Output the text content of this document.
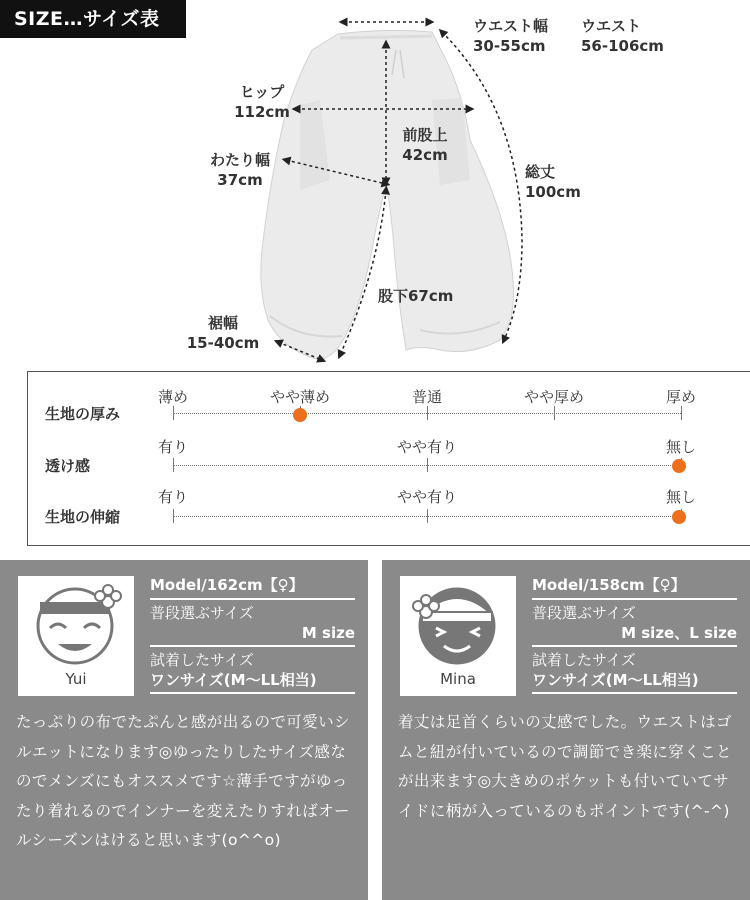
SIZE…サイズ表	ウエスト幅
30-55cm
ウエスト
56-106cm
ヒップ
112cm
わたり幅
37cm
前股上
42cm
総丈
100cm
股下67cm
裾幅
15-40cm
生地の厚み
薄め	やや薄め	普通	やや厚め	厚め
透け感
有り	やや有り	無し
生地の伸縮
有り	やや有り	無し
Yui
Model/162cm【♀】
普段選ぶサイズ
M size
試着したサイズ
ワンサイズ(M〜LL相当)
たっぷりの布でたぷんと感が出るので可愛いシルエットになります◎ゆったりしたサイズ感なのでメンズにもオススメです☆薄手ですがゆったり着れるのでインナーを変えたりすればオールシーズンはけると思います(o^^o)
Mina
Model/158cm【♀】
普段選ぶサイズ
M size、L size
試着したサイズ
ワンサイズ(M〜LL相当)
着丈は足首くらいの丈感でした。ウエストはゴムと紐が付いているので調節でき楽に穿くことが出来ます◎大きめのポケットも付いていてサイドに柄が入っているのもポイントです(^-^)
